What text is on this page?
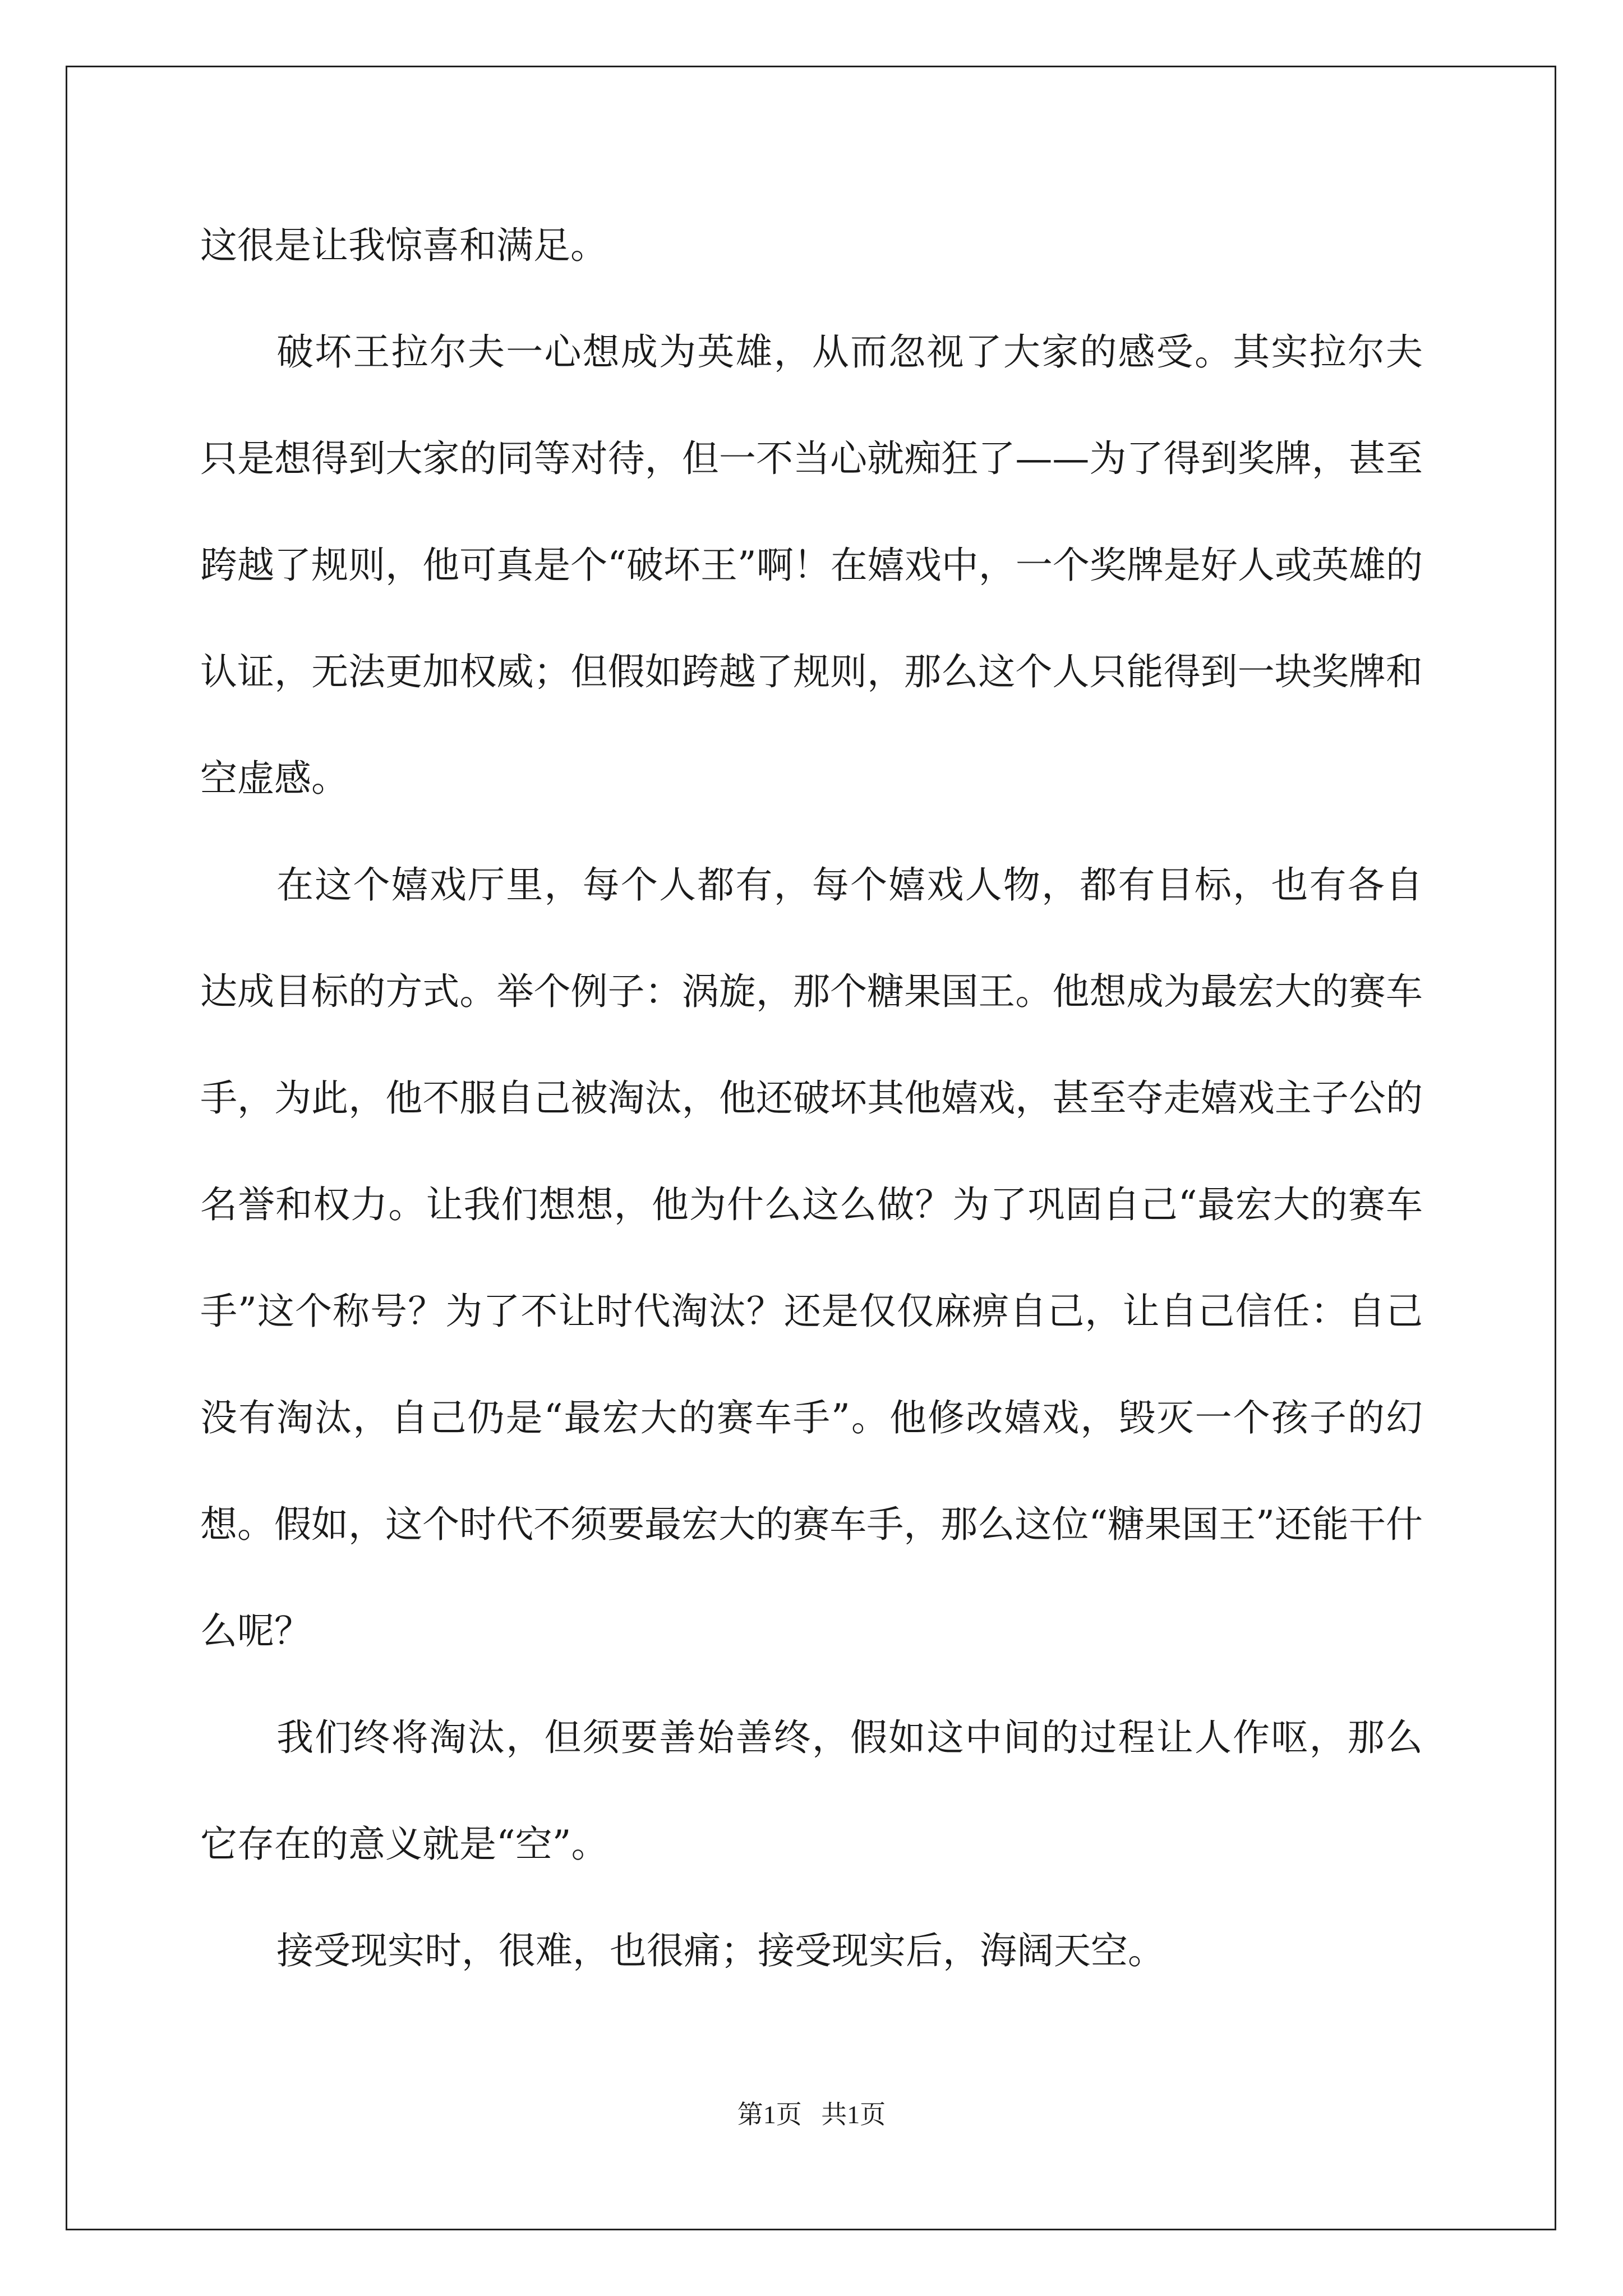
这很是让我惊喜和满足。

破坏王拉尔夫一心想成为英雄，从而忽视了大家的感受。其实拉尔夫只是想得到大家的同等对待，但一不当心就痴狂了——为了得到奖牌，甚至跨越了规则，他可真是个“破坏王”啊！在嬉戏中，一个奖牌是好人或英雄的认证，无法更加权威；但假如跨越了规则，那么这个人只能得到一块奖牌和空虚感。

在这个嬉戏厅里，每个人都有，每个嬉戏人物，都有目标，也有各自达成目标的方式。举个例子：涡旋，那个糖果国王。他想成为最宏大的赛车手，为此，他不服自己被淘汰，他还破坏其他嬉戏，甚至夺走嬉戏主子公的名誉和权力。让我们想想，他为什么这么做？为了巩固自己“最宏大的赛车手”这个称号？为了不让时代淘汰？还是仅仅麻痹自己，让自己信任：自己没有淘汰，自己仍是“最宏大的赛车手”。他修改嬉戏，毁灭一个孩子的幻想。假如，这个时代不须要最宏大的赛车手，那么这位“糖果国王”还能干什么呢？

我们终将淘汰，但须要善始善终，假如这中间的过程让人作呕，那么它存在的意义就是“空”。

接受现实时，很难，也很痛；接受现实后，海阔天空。

第1页   共1页
